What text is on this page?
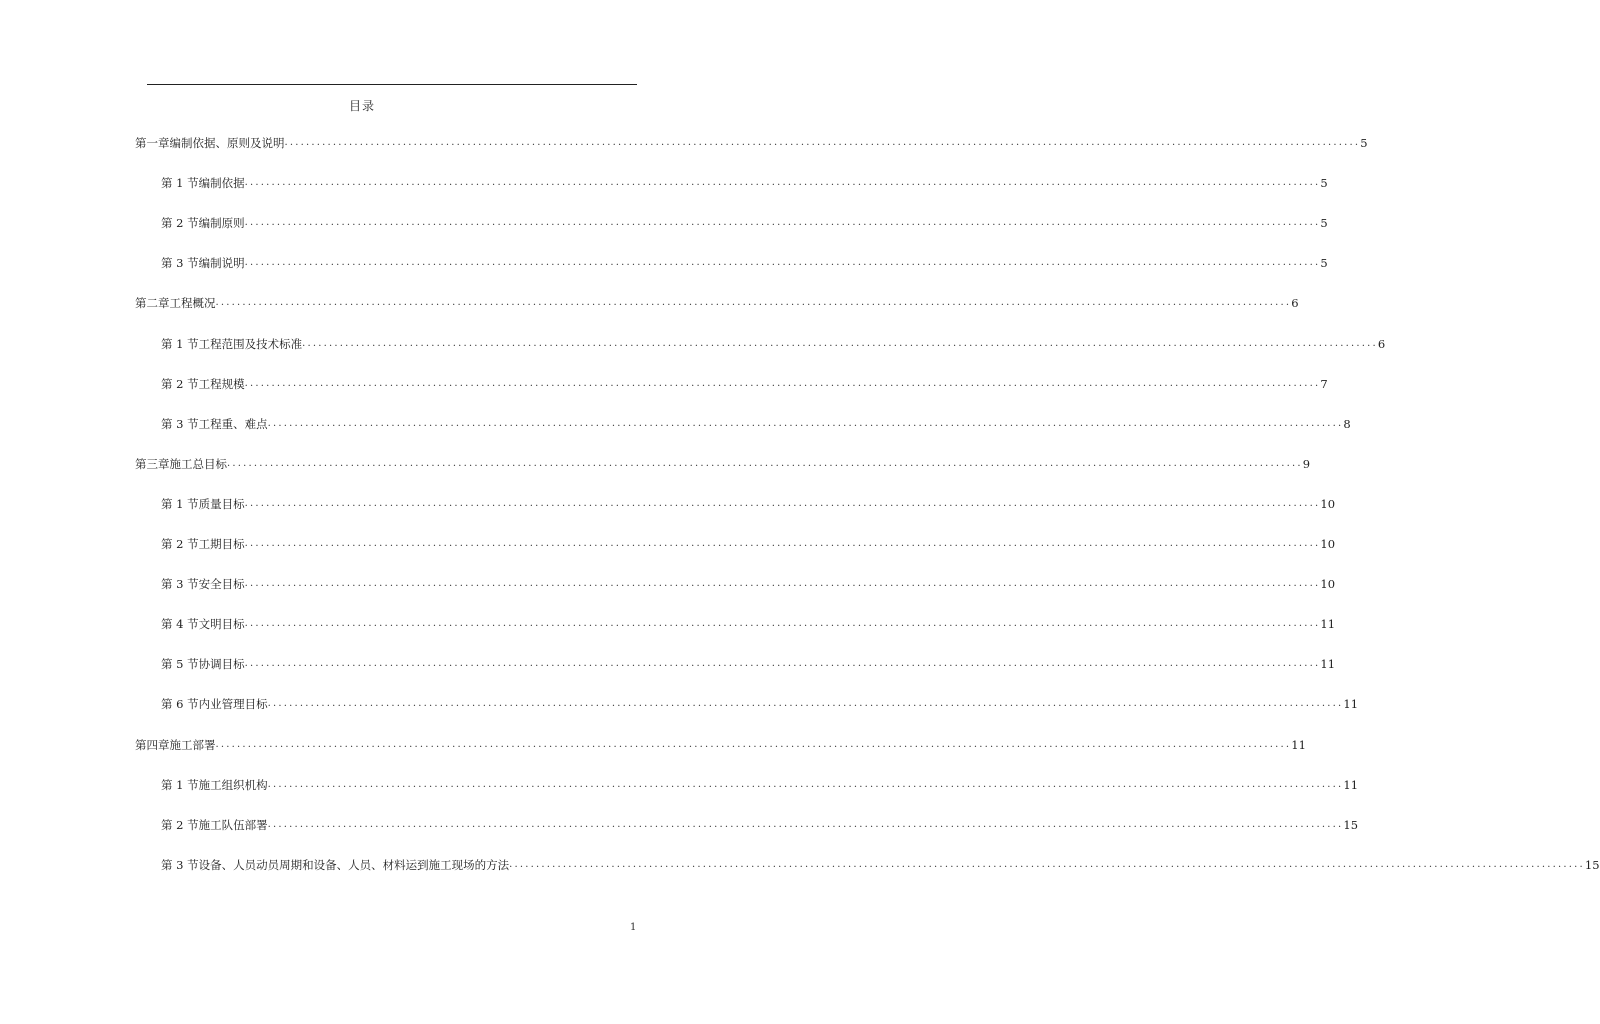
目录
第一章 编制依据、原则及说明 ........................................................................................................................................................................................................ 5
第 1 节 编制依据 ........................................................................................................................................................................................................ 5
第 2 节 编制原则 ........................................................................................................................................................................................................ 5
第 3 节 编制说明 ........................................................................................................................................................................................................ 5
第二章 工程概况 ........................................................................................................................................................................................................ 6
第 1 节 工程范围及技术标准 ........................................................................................................................................................................................................ 6
第 2 节 工程规模 ........................................................................................................................................................................................................ 7
第 3 节 工程重、难点 ........................................................................................................................................................................................................ 8
第三章 施工总目标 ........................................................................................................................................................................................................ 9
第 1 节 质量目标 ........................................................................................................................................................................................................ 10
第 2 节 工期目标 ........................................................................................................................................................................................................ 10
第 3 节 安全目标 ........................................................................................................................................................................................................ 10
第 4 节 文明目标 ........................................................................................................................................................................................................ 11
第 5 节 协调目标 ........................................................................................................................................................................................................ 11
第 6 节 内业管理目标 ........................................................................................................................................................................................................ 11
第四章 施工部署 ........................................................................................................................................................................................................ 11
第 1 节 施工组织机构 ........................................................................................................................................................................................................ 11
第 2 节 施工队伍部署 ........................................................................................................................................................................................................ 15
第 3 节 设备、人员动员周期和设备、人员、材料运到施工现场的方法 ........................................................................................................................................................................................................ 15
1
